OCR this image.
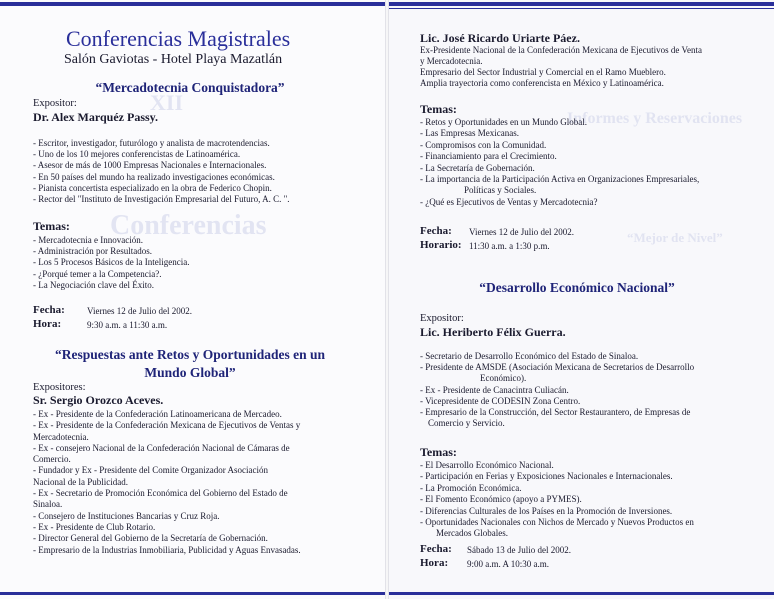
Conferencias
XII
Conferencias Magistrales
Salón Gaviotas - Hotel Playa Mazatlán
“Mercadotecnia Conquistadora”
Expositor:
Dr. Alex Marquéz Passy.
- Escritor, investigador, futurólogo y analista de macrotendencias.
- Uno de los 10 mejores conferencistas de Latinoamérica.
- Asesor de más de 1000 Empresas Nacionales e Internacionales.
- En 50 países del mundo ha realizado investigaciones económicas.
- Pianista concertista especializado en la obra de Federico Chopin.
- Rector del "Instituto de Investigación Empresarial del Futuro, A. C. ".
Temas:
- Mercadotecnia e Innovación.
- Administración por Resultados.
- Los 5 Procesos Básicos de la Inteligencia.
- ¿Porqué temer a la Competencia?.
- La Negociación clave del Éxito.
Fecha: Viernes 12 de Julio del 2002.
Hora:	9:30 a.m. a 11:30 a.m.
“Respuestas ante Retos y Oportunidades en un
Mundo Global”
Expositores:
Sr. Sergio Orozco Aceves.
- Ex - Presidente de la Confederación Latinoamericana de Mercadeo.
- Ex - Presidente de la Confederación Mexicana de Ejecutivos de Ventas y
Mercadotecnia.
- Ex - consejero Nacional de la Confederación Nacional de Cámaras de
Comercio.
- Fundador y Ex - Presidente del Comite Organizador Asociación
Nacional de la Publicidad.
- Ex - Secretario de Promoción Económica del Gobierno del Estado de
Sinaloa.
- Consejero de Instituciones Bancarias y Cruz Roja.
- Ex - Presidente de Club Rotario.
- Director General del Gobierno de la Secretaría de Gobernación.
- Empresario de la Industrias Inmobiliaria, Publicidad y Aguas Envasadas.
Informes y Reservaciones
“Mejor de Nivel”
Lic. José Ricardo Uriarte Páez.
Ex-Presidente Nacional de la Confederación Mexicana de Ejecutivos de Venta
y Mercadotecnia.
Empresario del Sector Industrial y Comercial en el Ramo Mueblero.
Amplia trayectoria como conferencista en México y Latinoamérica.
Temas:
- Retos y Oportunidades en un Mundo Global.
- Las Empresas Mexicanas.
- Compromisos con la Comunidad.
- Financiamiento para el Crecimiento.
- La Secretaría de Gobernación.
- La importancia de la Participación Activa en Organizaciones Empresariales,
Políticas y Sociales.
- ¿Qué es Ejecutivos de Ventas y Mercadotecnia?
Fecha: Viernes 12 de Julio del 2002.
Horario: 11:30 a.m. a 1:30 p.m.
“Desarrollo Económico Nacional”
Expositor:
Lic. Heriberto Félix Guerra.
- Secretario de Desarrollo Económico del Estado de Sinaloa.
- Presidente de AMSDE (Asociación Mexicana de Secretarios de Desarrollo
Económico).
- Ex - Presidente de Canacintra Culiacán.
- Vicepresidente de CODESIN Zona Centro.
- Empresario de la Construcción, del Sector Restaurantero, de Empresas de
Comercio y Servicio.
Temas:
- El Desarrollo Económico Nacional.
- Participación en Ferias y Exposiciones Nacionales e Internacionales.
- La Promoción Económica.
- El Fomento Económico (apoyo a PYMES).
- Diferencias Culturales de los Países en la Promoción de Inversiones.
- Oportunidades Nacionales con Nichos de Mercado y Nuevos Productos en
Mercados Globales.
Fecha: Sábado 13 de Julio del 2002.
Hora: 9:00 a.m. A 10:30 a.m.
